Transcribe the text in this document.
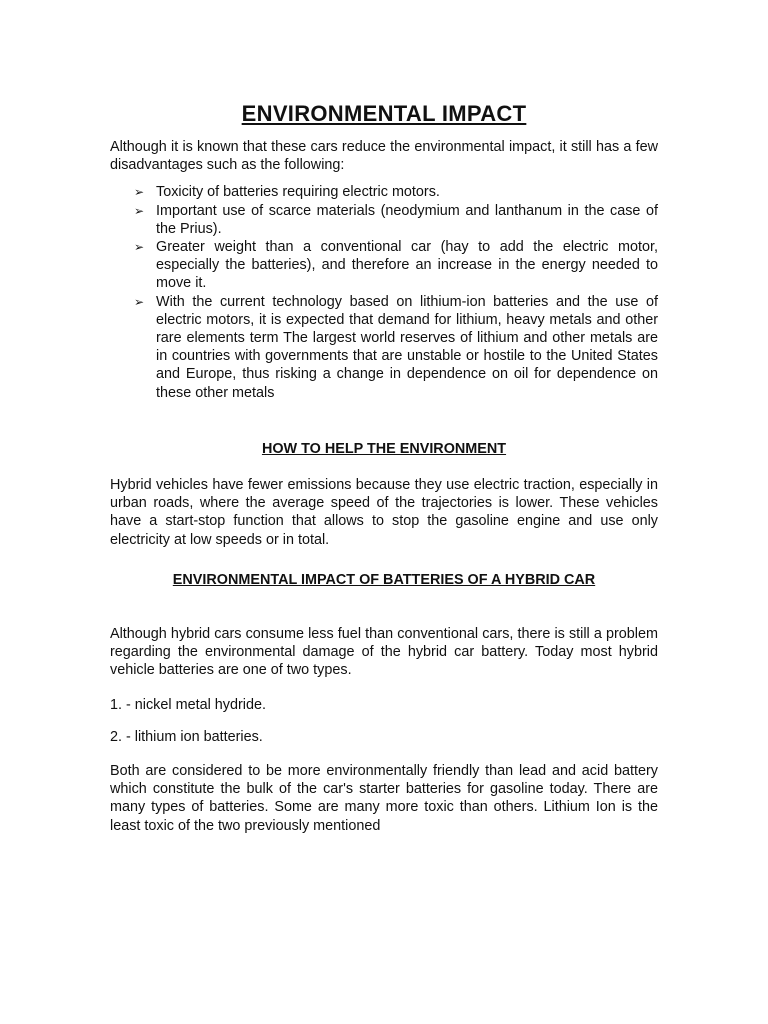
ENVIRONMENTAL IMPACT

Although it is known that these cars reduce the environmental impact, it still has a few disadvantages such as the following:

➢ Toxicity of batteries requiring electric motors.
➢ Important use of scarce materials (neodymium and lanthanum in the case of the Prius).
➢ Greater weight than a conventional car (hay to add the electric motor, especially the batteries), and therefore an increase in the energy needed to move it.
➢ With the current technology based on lithium-ion batteries and the use of electric motors, it is expected that demand for lithium, heavy metals and other rare elements term The largest world reserves of lithium and other metals are in countries with governments that are unstable or hostile to the United States and Europe, thus risking a change in dependence on oil for dependence on these other metals
HOW TO HELP THE ENVIRONMENT

Hybrid vehicles have fewer emissions because they use electric traction, especially in urban roads, where the average speed of the trajectories is lower. These vehicles have a start-stop function that allows to stop the gasoline engine and use only electricity at low speeds or in total.

ENVIRONMENTAL IMPACT OF BATTERIES OF A HYBRID CAR

Although hybrid cars consume less fuel than conventional cars, there is still a problem regarding the environmental damage of the hybrid car battery. Today most hybrid vehicle batteries are one of two types.

1. - nickel metal hydride.

2. - lithium ion batteries.

Both are considered to be more environmentally friendly than lead and acid battery which constitute the bulk of the car's starter batteries for gasoline today. There are many types of batteries. Some are many more toxic than others. Lithium Ion is the least toxic of the two previously mentioned
